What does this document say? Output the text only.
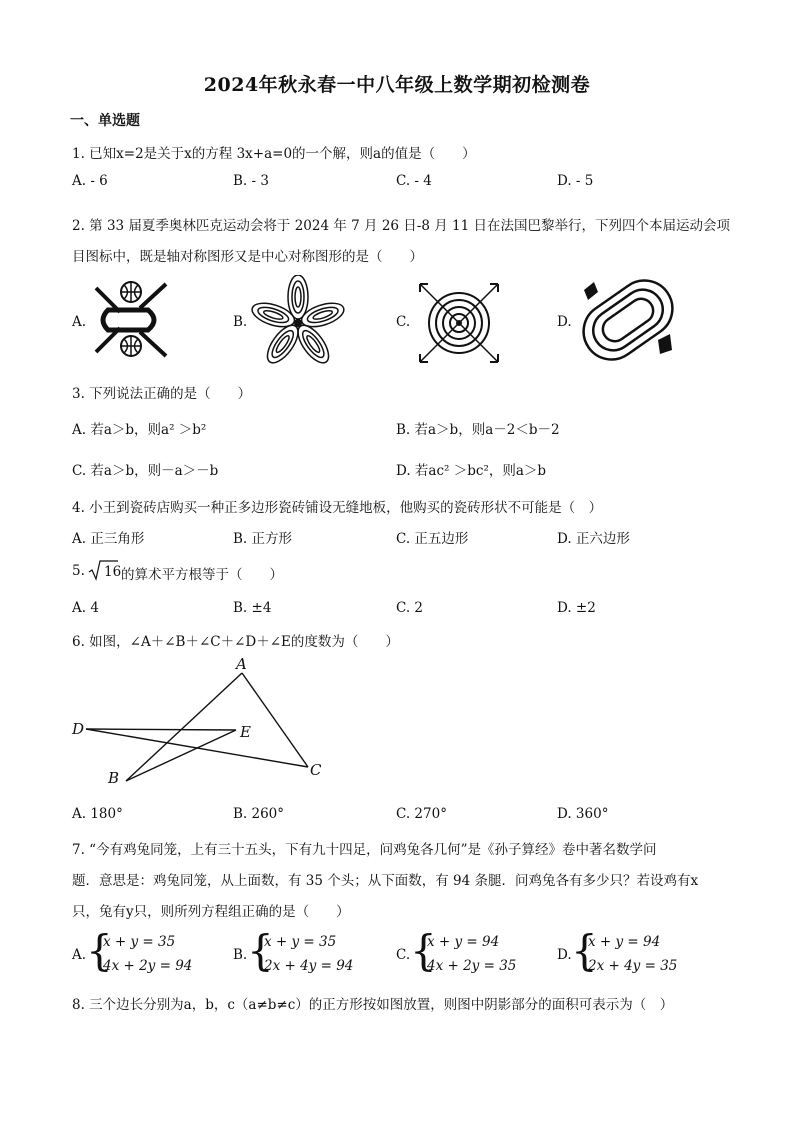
2024年秋永春一中八年级上数学期初检测卷
一、单选题
1. 已知x=2是关于x的方程 3x+a=0的一个解，则a的值是（　　）
A. - 6	B. - 3	C. - 4	D. - 5
2. 第 33 届夏季奥林匹克运动会将于 2024 年 7 月 26 日-8 月 11 日在法国巴黎举行，下列四个本届运动会项
目图标中，既是轴对称图形又是中心对称图形的是（　　）
A.	B.	C.	D.
3. 下列说法正确的是（　　）
A. 若a＞b，则a² ＞b²	B. 若a＞b，则a－2＜b－2
C. 若a＞b，则－a＞－b	D. 若ac² ＞bc²，则a＞b
4. 小王到瓷砖店购买一种正多边形瓷砖铺设无缝地板，他购买的瓷砖形状不可能是（　）
A. 正三角形	B. 正方形	C. 正五边形	D. 正六边形
5. 16 的算术平方根等于（　　）
A. 4	B. ±4	C. 2	D. ±2
6. 如图，∠A＋∠B＋∠C＋∠D＋∠E的度数为（　　）
A
D	E
B	C
A. 180°	B. 260°	C. 270°	D. 360°
7. “今有鸡兔同笼，上有三十五头，下有九十四足，问鸡兔各几何”是《孙子算经》卷中著名数学问
题．意思是：鸡兔同笼，从上面数，有 35 个头；从下面数，有 94 条腿．问鸡兔各有多少只？若设鸡有x
只，兔有y只，则所列方程组正确的是（　　）
A. {
x + y = 35
4x + 2y = 94
B. {
x + y = 35
2x + 4y = 94
C. {
x + y = 94
4x + 2y = 35
D. {
x + y = 94
2x + 4y = 35
8. 三个边长分别为a，b，c（a≠b≠c）的正方形按如图放置，则图中阴影部分的面积可表示为（　）
